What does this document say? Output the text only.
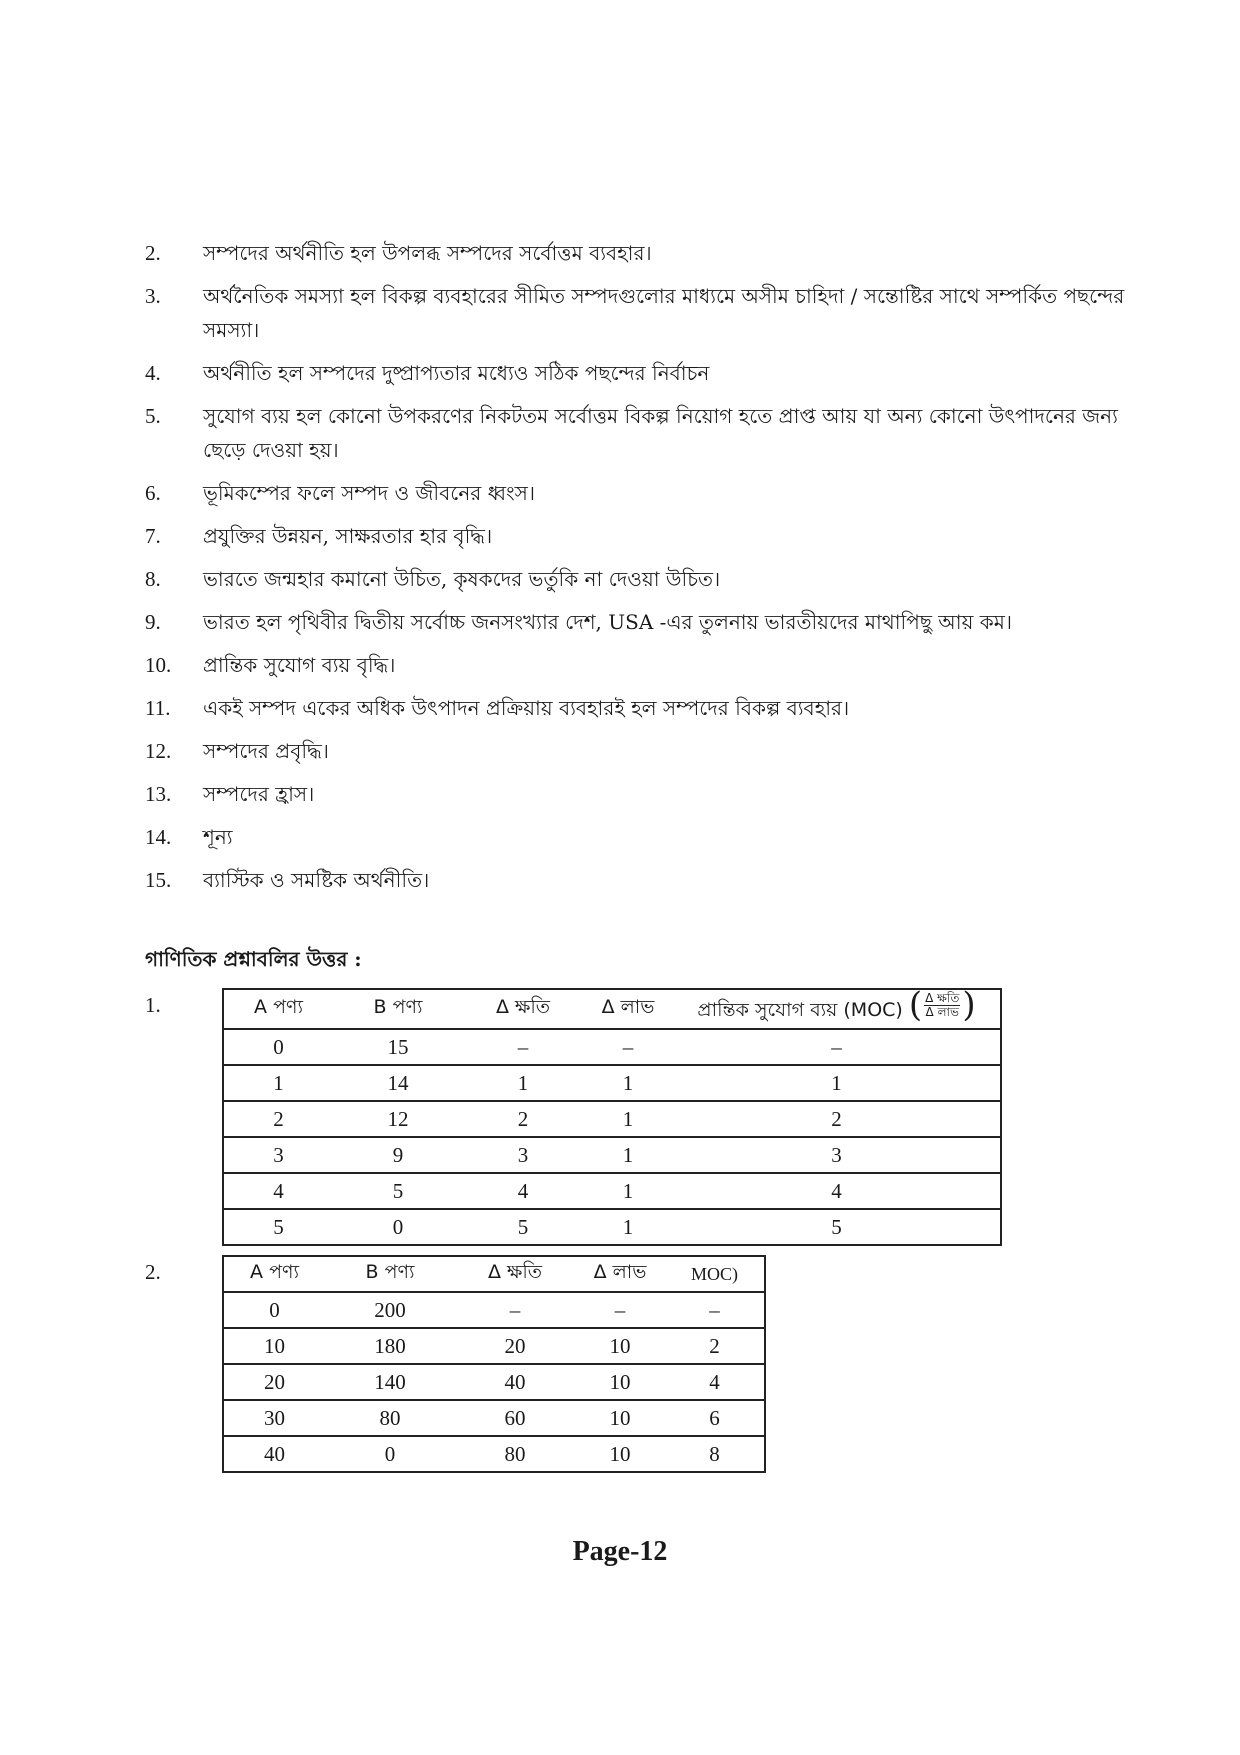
2.	সম্পদের অর্থনীতি হল উপলব্ধ সম্পদের সর্বোত্তম ব্যবহার।
3.	অর্থনৈতিক সমস্যা হল বিকল্প ব্যবহারের সীমিত সম্পদগুলোর মাধ্যমে অসীম চাহিদা / সন্তোষ্টির সাথে সম্পর্কিত পছন্দের সমস্যা।
4.	অর্থনীতি হল সম্পদের দুষ্প্রাপ্যতার মধ্যেও সঠিক পছন্দের নির্বাচন
5.	সুযোগ ব্যয় হল কোনো উপকরণের নিকটতম সর্বোত্তম বিকল্প নিয়োগ হতে প্রাপ্ত আয় যা অন্য কোনো উৎপাদনের জন্য ছেড়ে দেওয়া হয়।
6.	ভূমিকম্পের ফলে সম্পদ ও জীবনের ধ্বংস।
7.	প্রযুক্তির উন্নয়ন, সাক্ষরতার হার বৃদ্ধি।
8.	ভারতে জন্মহার কমানো উচিত, কৃষকদের ভর্তুকি না দেওয়া উচিত।
9.	ভারত হল পৃথিবীর দ্বিতীয় সর্বোচ্চ জনসংখ্যার দেশ, USA -এর তুলনায় ভারতীয়দের মাথাপিছু আয় কম।
10.	প্রান্তিক সুযোগ ব্যয় বৃদ্ধি।
11.	একই সম্পদ একের অধিক উৎপাদন প্রক্রিয়ায় ব্যবহারই হল সম্পদের বিকল্প ব্যবহার।
12.	সম্পদের প্রবৃদ্ধি।
13.	সম্পদের হ্রাস।
14.	শূন্য
15.	ব্যাস্টিক ও সমষ্টিক অর্থনীতি।
গাণিতিক প্রশ্নাবলির উত্তর :
1.	A পণ্য	B পণ্য	Δ ক্ষতি	Δ লাভ	প্রান্তিক সুযোগ ব্যয় (MOC) ( $\frac{\text{Δ ক্ষতি}}{\text{Δ লাভ}}$ )

0	15	–	–	–
1	14	1	1	1
2	12	2	1	2
3	9	3	1	3
4	5	4	1	4
5	0	5	1	5
2.	A পণ্য	B পণ্য	Δ ক্ষতি	Δ লাভ	MOC)
0	200	–	–	–
10	180	20	10	2
20	140	40	10	4
30	80	60	10	6
40	0	80	10	8
Page-12
